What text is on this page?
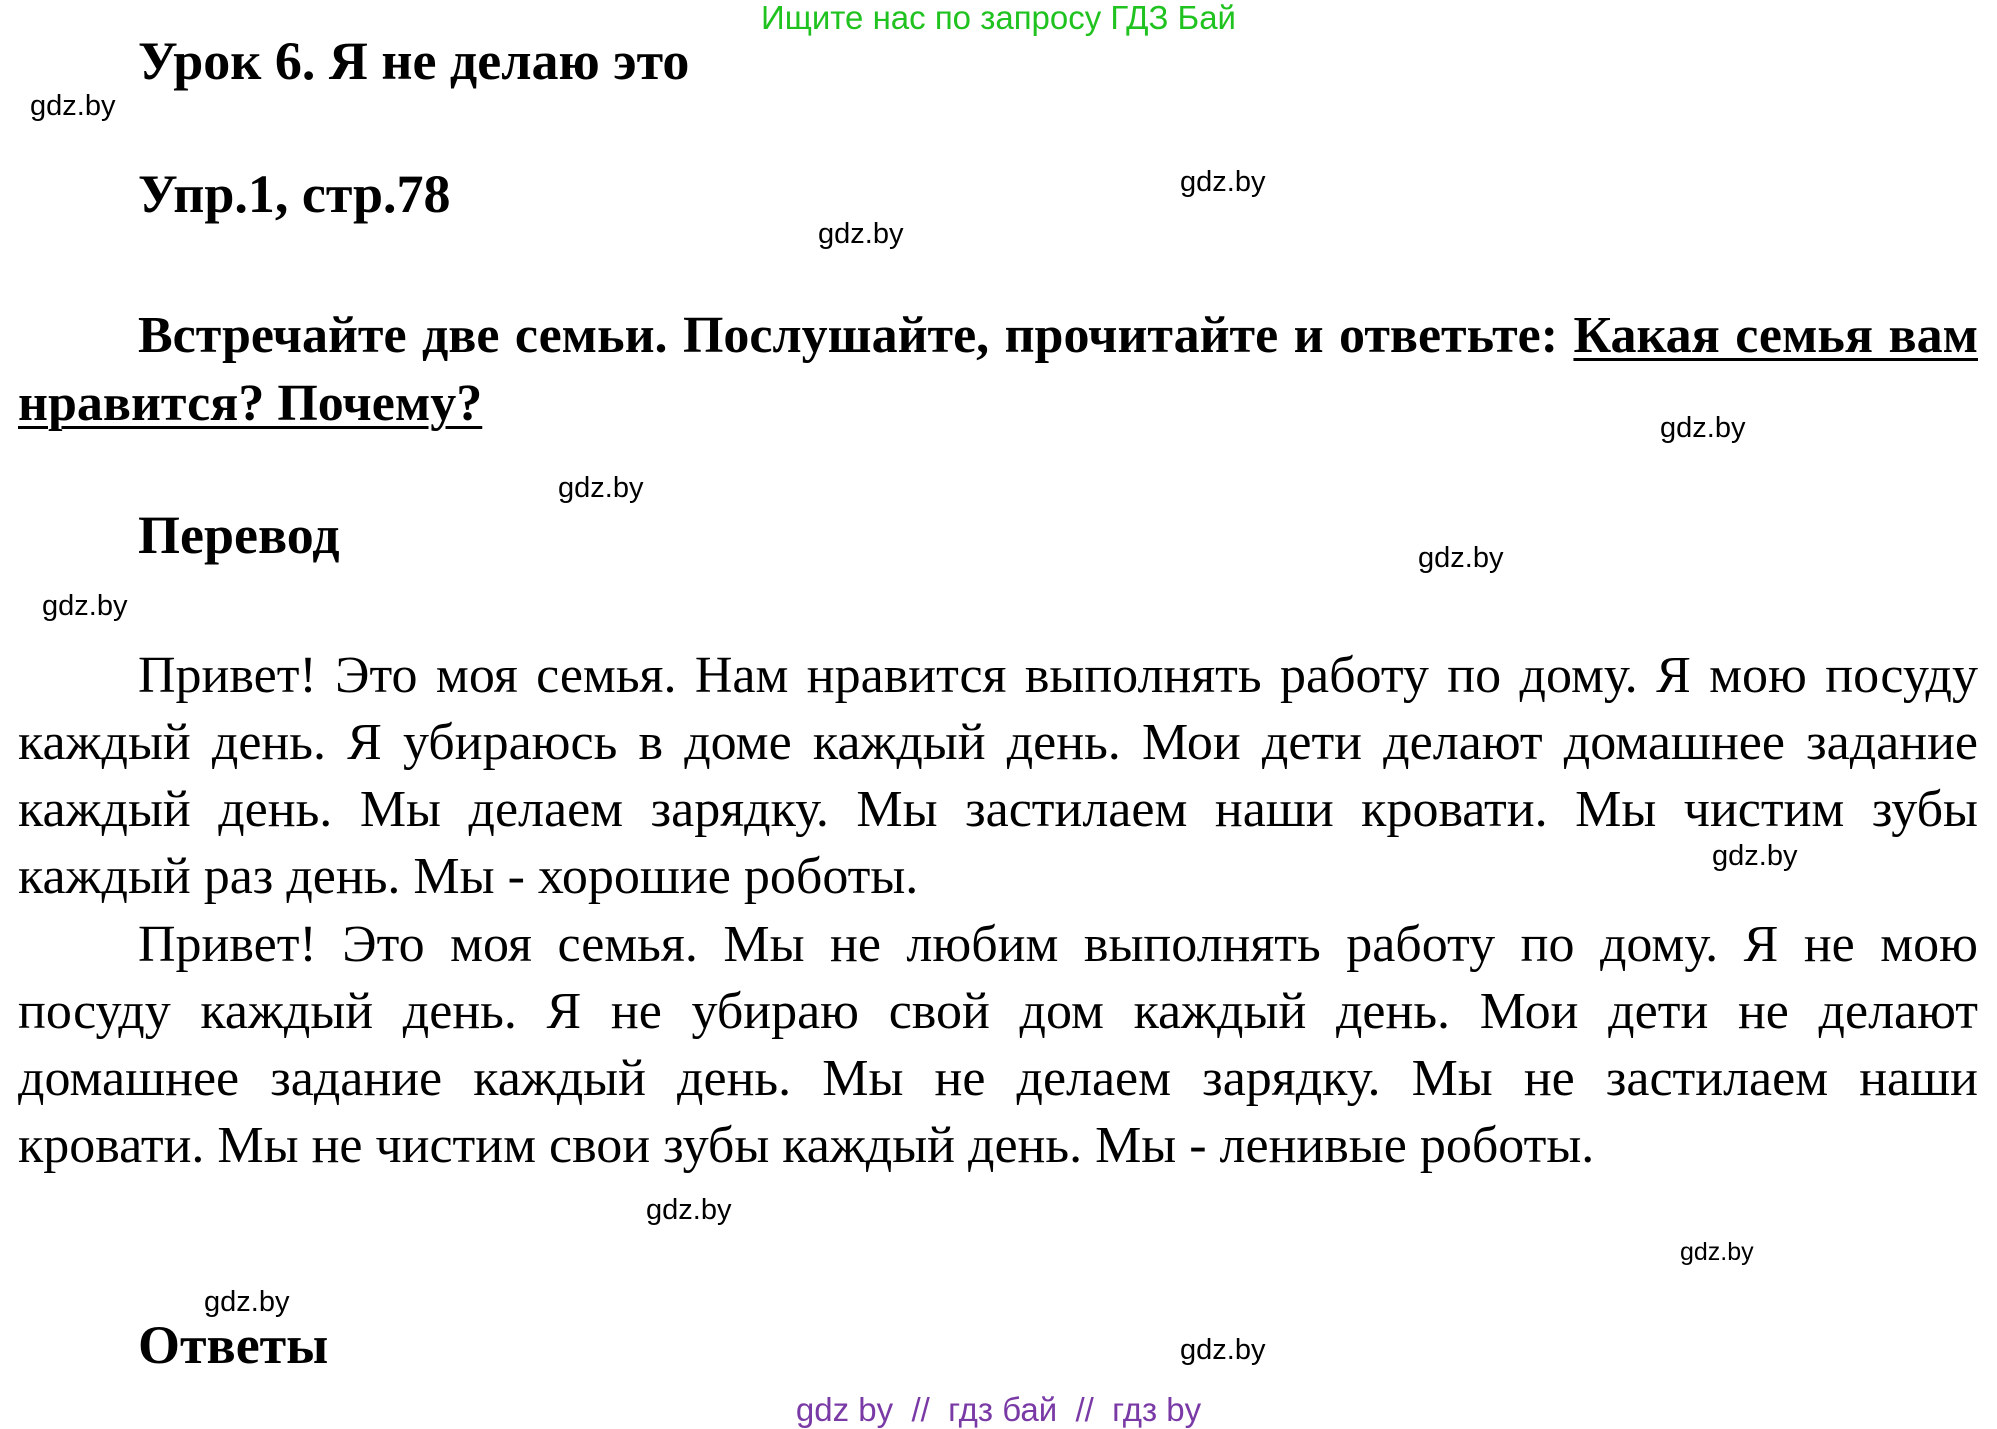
Ищите нас по запросу ГДЗ Бай
Урок 6. Я не делаю это
Упр.1, стр.78
Встречайте две семьи. Послушайте, прочитайте и ответьте: Какая семья вам нравится? Почему?
Перевод

Привет! Это моя семья. Нам нравится выполнять работу по дому. Я мою посуду каждый день. Я убираюсь в доме каждый день. Мои дети делают домашнее задание каждый день. Мы делаем зарядку. Мы застилаем наши кровати. Мы чистим зубы каждый раз день. Мы - хорошие роботы.

Привет! Это моя семья. Мы не любим выполнять работу по дому. Я не мою посуду каждый день. Я не убираю свой дом каждый день. Мои дети не делают домашнее задание каждый день. Мы не делаем зарядку. Мы не застилаем наши кровати. Мы не чистим свои зубы каждый день. Мы - ленивые роботы.

Ответы
gdz.by
gdz.by
gdz.by
gdz.by
gdz.by
gdz.by
gdz.by
gdz.by
gdz.by
gdz.by
gdz.by
gdz.by
gdz by  //  гдз бай  //  гдз by
